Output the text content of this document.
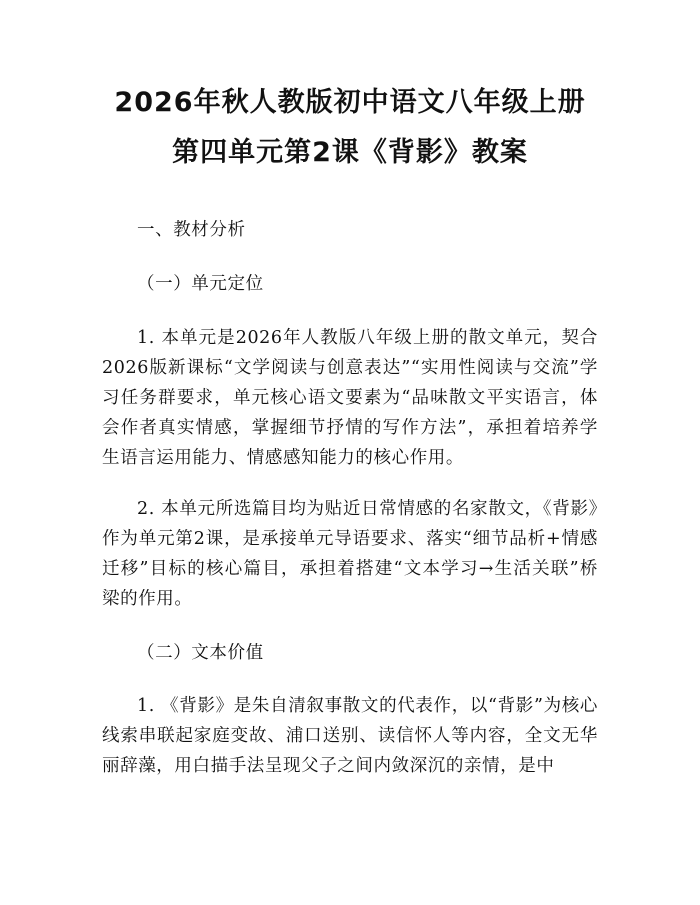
2026年秋人教版初中语文八年级上册第四单元第2课《背影》教案
一、教材分析
（一）单元定位
1. 本单元是2026年人教版八年级上册的散文单元，契合2026版新课标“文学阅读与创意表达”“实用性阅读与交流”学习任务群要求，单元核心语文要素为“品味散文平实语言，体会作者真实情感，掌握细节抒情的写作方法”，承担着培养学生语言运用能力、情感感知能力的核心作用。
2. 本单元所选篇目均为贴近日常情感的名家散文，《背影》作为单元第2课，是承接单元导语要求、落实“细节品析+情感迁移”目标的核心篇目，承担着搭建“文本学习→生活关联”桥梁的作用。
（二）文本价值
1. 《背影》是朱自清叙事散文的代表作，以“背影”为核心线索串联起家庭变故、浦口送别、读信怀人等内容，全文无华丽辞藻，用白描手法呈现父子之间内敛深沉的亲情，是中
